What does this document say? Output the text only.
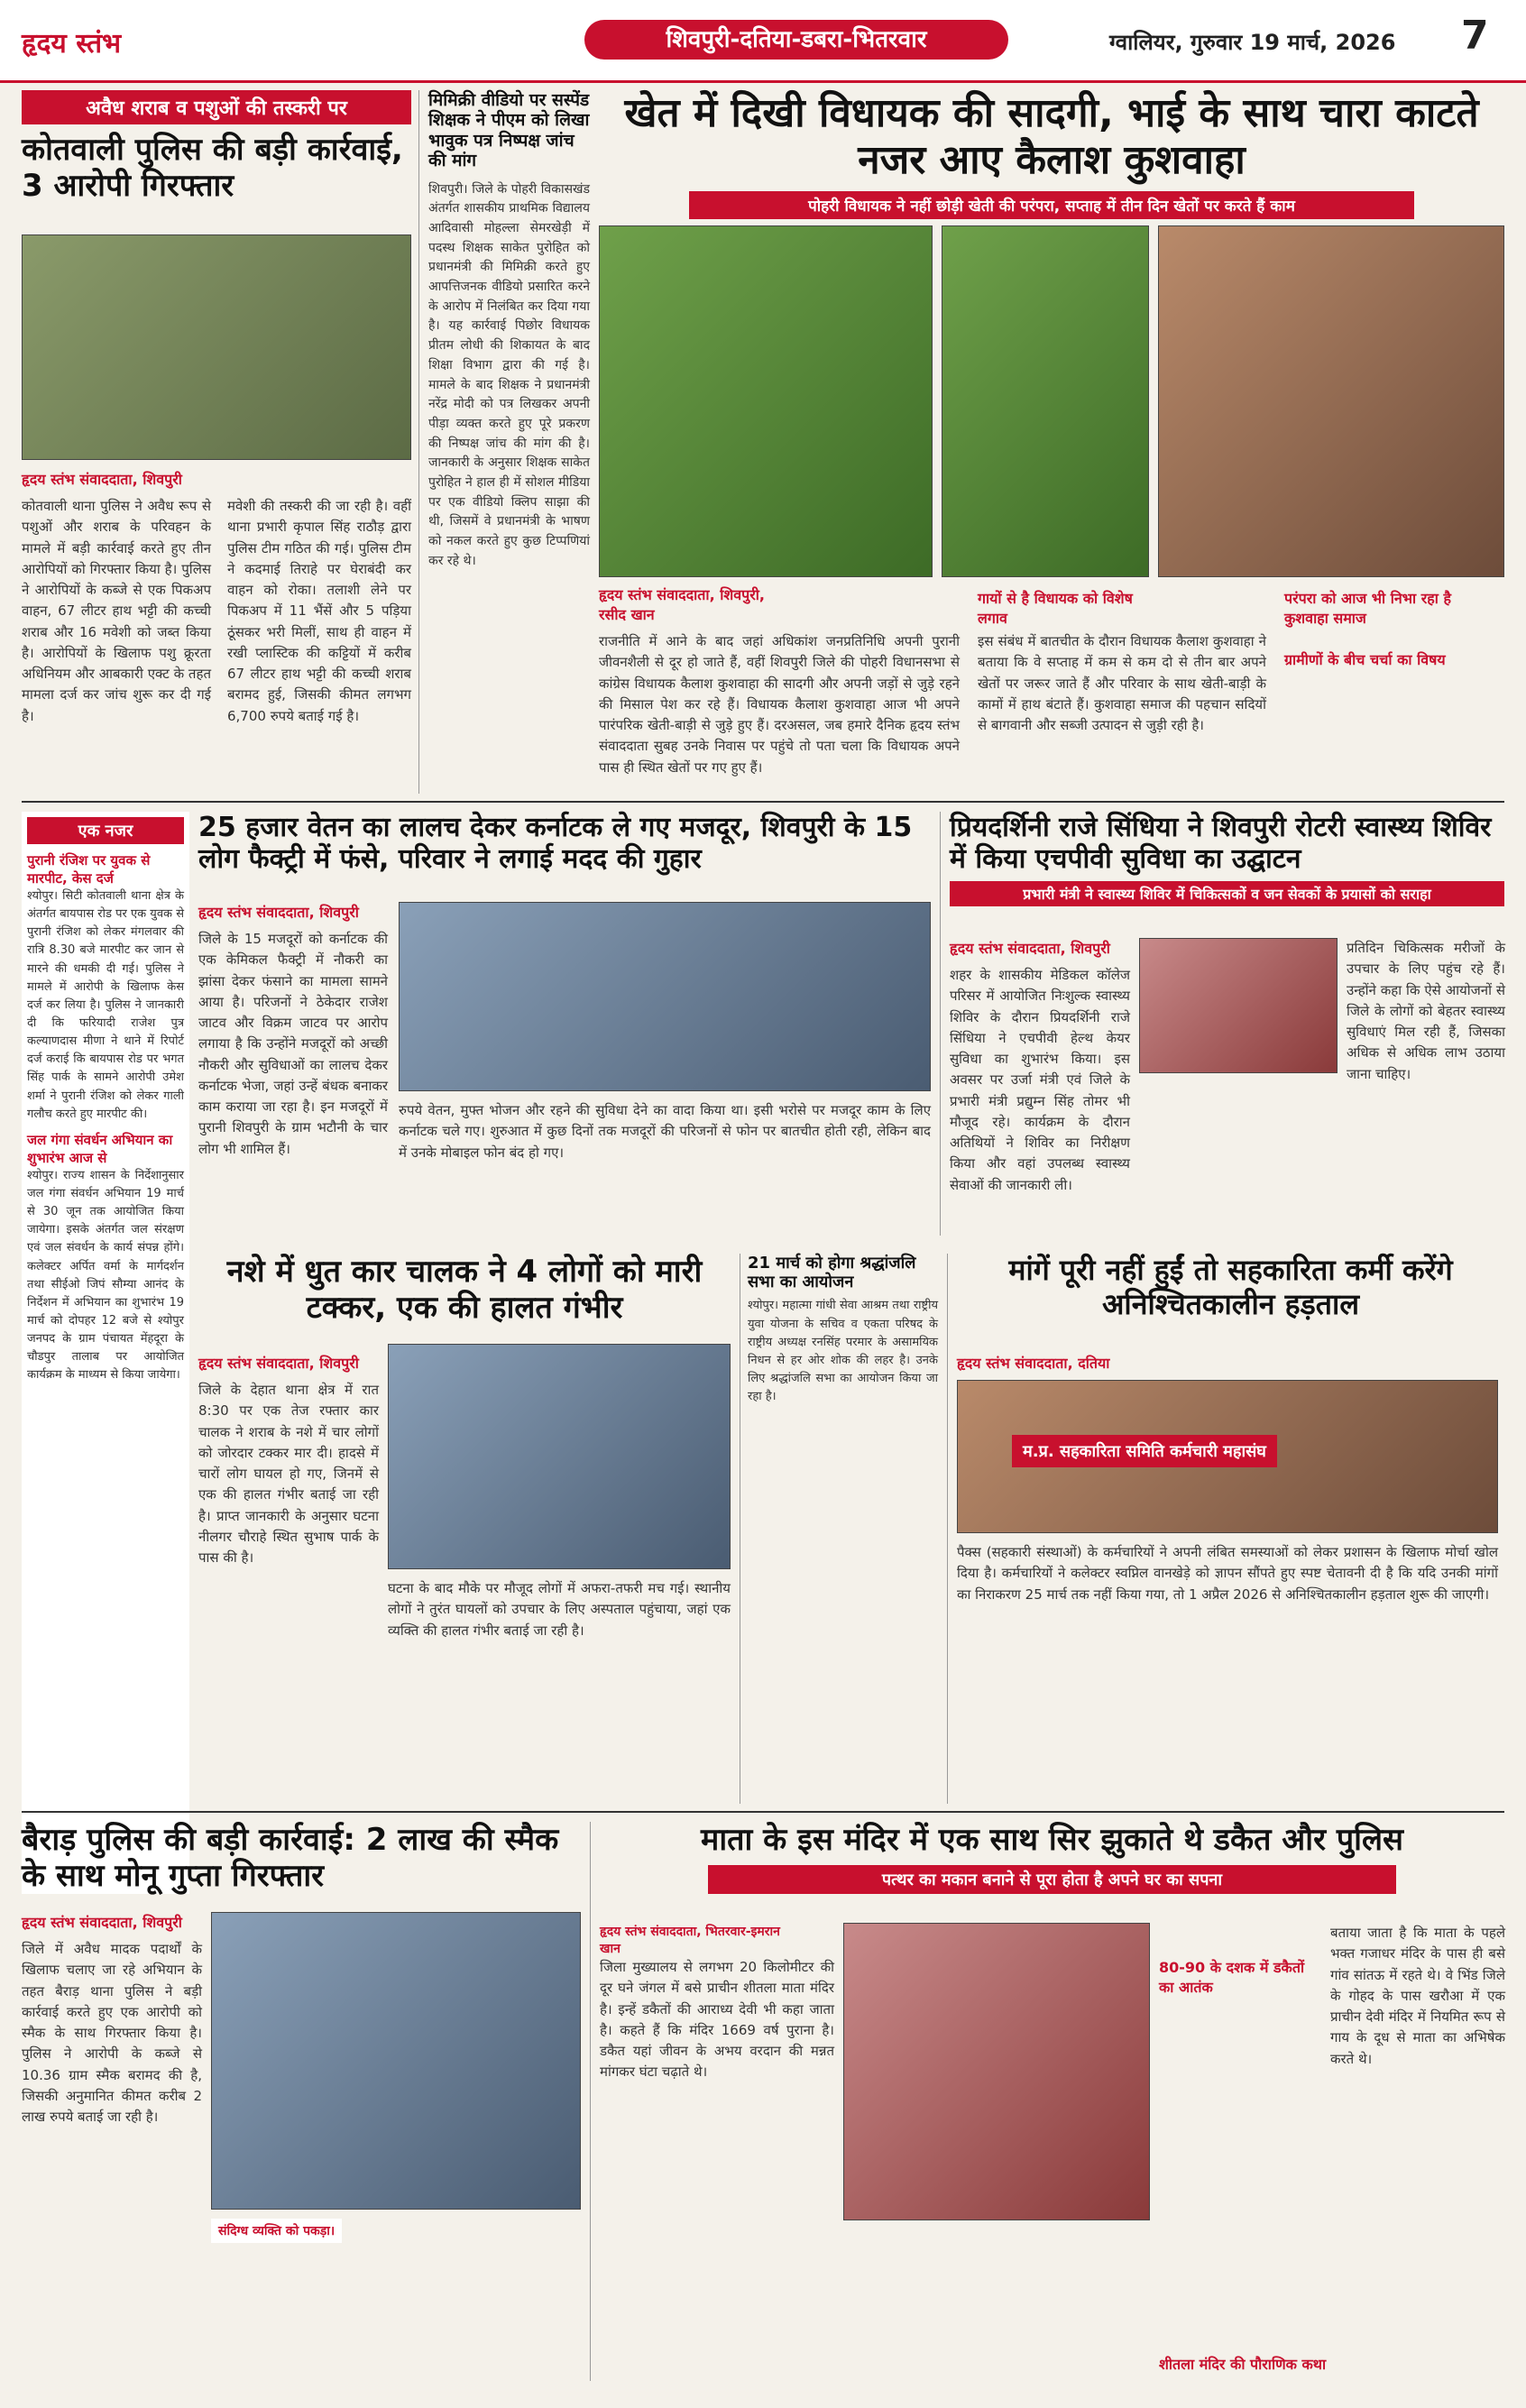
हृदय स्तंभ	शिवपुरी-दतिया-डबरा-भितरवार	ग्वालियर, गुरुवार 19 मार्च, 2026 7
अवैध शराब व पशुओं की तस्करी पर
कोतवाली पुलिस की बड़ी कार्रवाई, 3 आरोपी गिरफ्तार
हृदय स्तंभ संवाददाता, शिवपुरी
कोतवाली थाना पुलिस ने अवैध रूप से पशुओं और शराब के परिवहन के मामले में बड़ी कार्रवाई करते हुए तीन आरोपियों को गिरफ्तार किया है। पुलिस ने आरोपियों के कब्जे से एक पिकअप वाहन, 67 लीटर हाथ भट्टी की कच्ची शराब और 16 मवेशी को जब्त किया है। आरोपियों के खिलाफ पशु क्रूरता अधिनियम और आबकारी एक्ट के तहत मामला दर्ज कर जांच शुरू कर दी गई है।
मवेशी की तस्करी की जा रही है। वहीं थाना प्रभारी कृपाल सिंह राठौड़ द्वारा पुलिस टीम गठित की गई। पुलिस टीम ने कदमाई तिराहे पर घेराबंदी कर वाहन को रोका। तलाशी लेने पर पिकअप में 11 भैंसें और 5 पड़िया ठूंसकर भरी मिलीं, साथ ही वाहन में रखी प्लास्टिक की कट्टियों में करीब 67 लीटर हाथ भट्टी की कच्ची शराब बरामद हुई, जिसकी कीमत लगभग 6,700 रुपये बताई गई है।
मिमिक्री वीडियो पर सस्पेंड शिक्षक ने पीएम को लिखा भावुक पत्र निष्पक्ष जांच की मांग
शिवपुरी। जिले के पोहरी विकासखंड अंतर्गत शासकीय प्राथमिक विद्यालय आदिवासी मोहल्ला सेमरखेड़ी में पदस्थ शिक्षक साकेत पुरोहित को प्रधानमंत्री की मिमिक्री करते हुए आपत्तिजनक वीडियो प्रसारित करने के आरोप में निलंबित कर दिया गया है। यह कार्रवाई पिछोर विधायक प्रीतम लोधी की शिकायत के बाद शिक्षा विभाग द्वारा की गई है। मामले के बाद शिक्षक ने प्रधानमंत्री नरेंद्र मोदी को पत्र लिखकर अपनी पीड़ा व्यक्त करते हुए पूरे प्रकरण की निष्पक्ष जांच की मांग की है। जानकारी के अनुसार शिक्षक साकेत पुरोहित ने हाल ही में सोशल मीडिया पर एक वीडियो क्लिप साझा की थी, जिसमें वे प्रधानमंत्री के भाषण को नकल करते हुए कुछ टिप्पणियां कर रहे थे।
खेत में दिखी विधायक की सादगी, भाई के साथ चारा काटते नजर आए कैलाश कुशवाहा
पोहरी विधायक ने नहीं छोड़ी खेती की परंपरा, सप्ताह में तीन दिन खेतों पर करते हैं काम
हृदय स्तंभ संवाददाता, शिवपुरी, रसीद खान
राजनीति में आने के बाद जहां अधिकांश जनप्रतिनिधि अपनी पुरानी जीवनशैली से दूर हो जाते हैं, वहीं शिवपुरी जिले की पोहरी विधानसभा से कांग्रेस विधायक कैलाश कुशवाहा की सादगी और अपनी जड़ों से जुड़े रहने की मिसाल पेश कर रहे हैं। विधायक कैलाश कुशवाहा आज भी अपने पारंपरिक खेती-बाड़ी से जुड़े हुए हैं। दरअसल, जब हमारे दैनिक हृदय स्तंभ संवाददाता सुबह उनके निवास पर पहुंचे तो पता चला कि विधायक अपने पास ही स्थित खेतों पर गए हुए हैं।
गायों से है विधायक को विशेष लगाव
इस संबंध में बातचीत के दौरान विधायक कैलाश कुशवाहा ने बताया कि वे सप्ताह में कम से कम दो से तीन बार अपने खेतों पर जरूर जाते हैं और परिवार के साथ खेती-बाड़ी के कामों में हाथ बंटाते हैं। कुशवाहा समाज की पहचान सदियों से बागवानी और सब्जी उत्पादन से जुड़ी रही है।
परंपरा को आज भी निभा रहा है कुशवाहा समाज
ग्रामीणों के बीच चर्चा का विषय
एक नजर
पुरानी रंजिश पर युवक से मारपीट, केस दर्ज
श्योपुर। सिटी कोतवाली थाना क्षेत्र के अंतर्गत बायपास रोड पर एक युवक से पुरानी रंजिश को लेकर मंगलवार की रात्रि 8.30 बजे मारपीट कर जान से मारने की धमकी दी गई। पुलिस ने मामले में आरोपी के खिलाफ केस दर्ज कर लिया है। पुलिस ने जानकारी दी कि फरियादी राजेश पुत्र कल्याणदास मीणा ने थाने में रिपोर्ट दर्ज कराई कि बायपास रोड पर भगत सिंह पार्क के सामने आरोपी उमेश शर्मा ने पुरानी रंजिश को लेकर गाली गलौच करते हुए मारपीट की।
जल गंगा संवर्धन अभियान का शुभारंभ आज से
श्योपुर। राज्य शासन के निर्देशानुसार जल गंगा संवर्धन अभियान 19 मार्च से 30 जून तक आयोजित किया जायेगा। इसके अंतर्गत जल संरक्षण एवं जल संवर्धन के कार्य संपन्न होंगे। कलेक्टर अर्पित वर्मा के मार्गदर्शन तथा सीईओ जिपं सौम्या आनंद के निर्देशन में अभियान का शुभारंभ 19 मार्च को दोपहर 12 बजे से श्योपुर जनपद के ग्राम पंचायत मेंहदूरा के चौडपुर तालाब पर आयोजित कार्यक्रम के माध्यम से किया जायेगा।
25 हजार वेतन का लालच देकर कर्नाटक ले गए मजदूर, शिवपुरी के 15 लोग फैक्ट्री में फंसे, परिवार ने लगाई मदद की गुहार
हृदय स्तंभ संवाददाता, शिवपुरी
जिले के 15 मजदूरों को कर्नाटक की एक केमिकल फैक्ट्री में नौकरी का झांसा देकर फंसाने का मामला सामने आया है। परिजनों ने ठेकेदार राजेश जाटव और विक्रम जाटव पर आरोप लगाया है कि उन्होंने मजदूरों को अच्छी नौकरी और सुविधाओं का लालच देकर कर्नाटक भेजा, जहां उन्हें बंधक बनाकर काम कराया जा रहा है। इन मजदूरों में पुरानी शिवपुरी के ग्राम भटौनी के चार लोग भी शामिल हैं।
रुपये वेतन, मुफ्त भोजन और रहने की सुविधा देने का वादा किया था। इसी भरोसे पर मजदूर काम के लिए कर्नाटक चले गए। शुरुआत में कुछ दिनों तक मजदूरों की परिजनों से फोन पर बातचीत होती रही, लेकिन बाद में उनके मोबाइल फोन बंद हो गए।
प्रियदर्शिनी राजे सिंधिया ने शिवपुरी रोटरी स्वास्थ्य शिविर में किया एचपीवी सुविधा का उद्घाटन
प्रभारी मंत्री ने स्वास्थ्य शिविर में चिकित्सकों व जन सेवकों के प्रयासों को सराहा
हृदय स्तंभ संवाददाता, शिवपुरी
शहर के शासकीय मेडिकल कॉलेज परिसर में आयोजित निःशुल्क स्वास्थ्य शिविर के दौरान प्रियदर्शिनी राजे सिंधिया ने एचपीवी हेल्थ केयर सुविधा का शुभारंभ किया। इस अवसर पर उर्जा मंत्री एवं जिले के प्रभारी मंत्री प्रद्युम्न सिंह तोमर भी मौजूद रहे। कार्यक्रम के दौरान अतिथियों ने शिविर का निरीक्षण किया और वहां उपलब्ध स्वास्थ्य सेवाओं की जानकारी ली।
प्रतिदिन चिकित्सक मरीजों के उपचार के लिए पहुंच रहे हैं। उन्होंने कहा कि ऐसे आयोजनों से जिले के लोगों को बेहतर स्वास्थ्य सुविधाएं मिल रही हैं, जिसका अधिक से अधिक लाभ उठाया जाना चाहिए।
नशे में धुत कार चालक ने 4 लोगों को मारी टक्कर, एक की हालत गंभीर
हृदय स्तंभ संवाददाता, शिवपुरी
जिले के देहात थाना क्षेत्र में रात 8:30 पर एक तेज रफ्तार कार चालक ने शराब के नशे में चार लोगों को जोरदार टक्कर मार दी। हादसे में चारों लोग घायल हो गए, जिनमें से एक की हालत गंभीर बताई जा रही है। प्राप्त जानकारी के अनुसार घटना नीलगर चौराहे स्थित सुभाष पार्क के पास की है।
घटना के बाद मौके पर मौजूद लोगों में अफरा-तफरी मच गई। स्थानीय लोगों ने तुरंत घायलों को उपचार के लिए अस्पताल पहुंचाया, जहां एक व्यक्ति की हालत गंभीर बताई जा रही है।
21 मार्च को होगा श्रद्धांजलि सभा का आयोजन
श्योपुर। महात्मा गांधी सेवा आश्रम तथा राष्ट्रीय युवा योजना के सचिव व एकता परिषद के राष्ट्रीय अध्यक्ष रनसिंह परमार के असामयिक निधन से हर ओर शोक की लहर है। उनके लिए श्रद्धांजलि सभा का आयोजन किया जा रहा है।
मांगें पूरी नहीं हुईं तो सहकारिता कर्मी करेंगे अनिश्चितकालीन हड़ताल
हृदय स्तंभ संवाददाता, दतिया
म.प्र. सहकारिता समिति कर्मचारी महासंघ
पैक्स (सहकारी संस्थाओं) के कर्मचारियों ने अपनी लंबित समस्याओं को लेकर प्रशासन के खिलाफ मोर्चा खोल दिया है। कर्मचारियों ने कलेक्टर स्वप्निल वानखेड़े को ज्ञापन सौंपते हुए स्पष्ट चेतावनी दी है कि यदि उनकी मांगों का निराकरण 25 मार्च तक नहीं किया गया, तो 1 अप्रैल 2026 से अनिश्चितकालीन हड़ताल शुरू की जाएगी।
बैराड़ पुलिस की बड़ी कार्रवाई: 2 लाख की स्मैक के साथ मोनू गुप्ता गिरफ्तार
हृदय स्तंभ संवाददाता, शिवपुरी
जिले में अवैध मादक पदार्थों के खिलाफ चलाए जा रहे अभियान के तहत बैराड़ थाना पुलिस ने बड़ी कार्रवाई करते हुए एक आरोपी को स्मैक के साथ गिरफ्तार किया है। पुलिस ने आरोपी के कब्जे से 10.36 ग्राम स्मैक बरामद की है, जिसकी अनुमानित कीमत करीब 2 लाख रुपये बताई जा रही है।
संदिग्ध व्यक्ति को पकड़ा।
माता के इस मंदिर में एक साथ सिर झुकाते थे डकैत और पुलिस
पत्थर का मकान बनाने से पूरा होता है अपने घर का सपना
हृदय स्तंभ संवाददाता, भितरवार-इमरान खान
जिला मुख्यालय से लगभग 20 किलोमीटर की दूर घने जंगल में बसे प्राचीन शीतला माता मंदिर है। इन्हें डकैतों की आराध्य देवी भी कहा जाता है। कहते हैं कि मंदिर 1669 वर्ष पुराना है। डकैत यहां जीवन के अभय वरदान की मन्नत मांगकर घंटा चढ़ाते थे।
80-90 के दशक में डकैतों का आतंक
बताया जाता है कि माता के पहले भक्त गजाधर मंदिर के पास ही बसे गांव सांतऊ में रहते थे। वे भिंड जिले के गोहद के पास खरौआ में एक प्राचीन देवी मंदिर में नियमित रूप से गाय के दूध से माता का अभिषेक करते थे।
शीतला मंदिर की पौराणिक कथा
